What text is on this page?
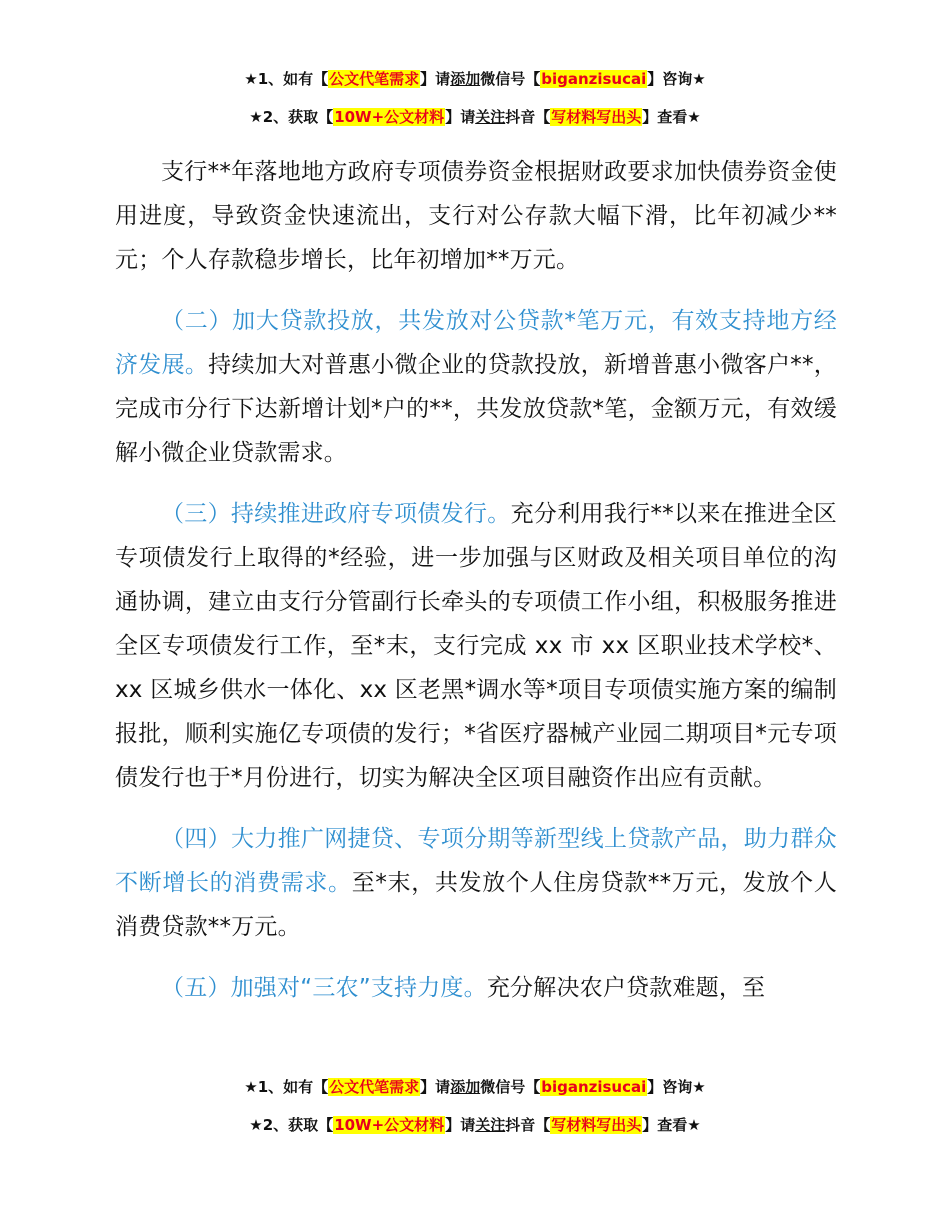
★1、如有【公文代笔需求】请添加微信号【biganzisucai】咨询★
★2、获取【10W+公文材料】请关注抖音【写材料写出头】查看★

支行**年落地地方政府专项债券资金根据财政要求加快债券资金使用进度，导致资金快速流出，支行对公存款大幅下滑，比年初减少**元；个人存款稳步增长，比年初增加**万元。

（二）加大贷款投放，共发放对公贷款*笔万元，有效支持地方经济发展。持续加大对普惠小微企业的贷款投放，新增普惠小微客户**，完成市分行下达新增计划*户的**，共发放贷款*笔，金额万元，有效缓解小微企业贷款需求。

（三）持续推进政府专项债发行。充分利用我行**以来在推进全区专项债发行上取得的*经验，进一步加强与区财政及相关项目单位的沟通协调，建立由支行分管副行长牵头的专项债工作小组，积极服务推进全区专项债发行工作，至*末，支行完成 xx 市 xx 区职业技术学校*、xx 区城乡供水一体化、xx 区老黑*调水等*项目专项债实施方案的编制报批，顺利实施亿专项债的发行；*省医疗器械产业园二期项目*元专项债发行也于*月份进行，切实为解决全区项目融资作出应有贡献。

（四）大力推广网捷贷、专项分期等新型线上贷款产品，助力群众不断增长的消费需求。至*末，共发放个人住房贷款**万元，发放个人消费贷款**万元。

（五）加强对“三农”支持力度。充分解决农户贷款难题，至

★1、如有【公文代笔需求】请添加微信号【biganzisucai】咨询★
★2、获取【10W+公文材料】请关注抖音【写材料写出头】查看★
